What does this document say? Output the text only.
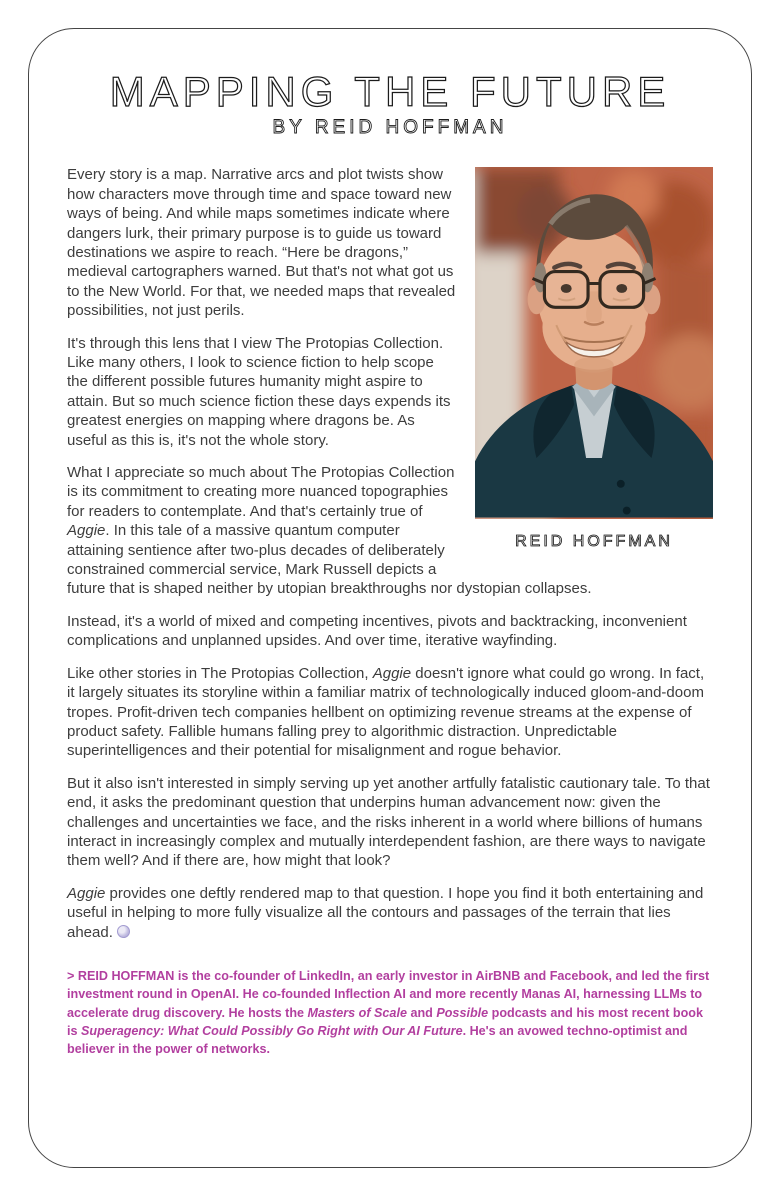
MAPPING THE FUTURE
BY REID HOFFMAN
REID HOFFMAN

Every story is a map. Narrative arcs and plot twists show how characters move through time and space toward new ways of being. And while maps sometimes indicate where dangers lurk, their primary purpose is to guide us toward destinations we aspire to reach. “Here be dragons,” medieval cartographers warned. But that's not what got us to the New World. For that, we needed maps that revealed possibilities, not just perils.

It's through this lens that I view The Protopias Collection. Like many others, I look to science fiction to help scope the different possible futures humanity might aspire to attain. But so much science fiction these days expends its greatest energies on mapping where dragons be. As useful as this is, it's not the whole story.

What I appreciate so much about The Protopias Collection is its commitment to creating more nuanced topographies for readers to contemplate. And that's certainly true of Aggie. In this tale of a massive quantum computer attaining sentience after two-plus decades of deliberately constrained commercial service, Mark Russell depicts a future that is shaped neither by utopian breakthroughs nor dystopian collapses.

Instead, it's a world of mixed and competing incentives, pivots and backtracking, inconvenient complications and unplanned upsides. And over time, iterative wayfinding.

Like other stories in The Protopias Collection, Aggie doesn't ignore what could go wrong. In fact, it largely situates its storyline within a familiar matrix of technologically induced gloom-and-doom tropes. Profit-driven tech companies hellbent on optimizing revenue streams at the expense of product safety. Fallible humans falling prey to algorithmic distraction. Unpredictable superintelligences and their potential for misalignment and rogue behavior.

But it also isn't interested in simply serving up yet another artfully fatalistic cautionary tale. To that end, it asks the predominant question that underpins human advancement now: given the challenges and uncertainties we face, and the risks inherent in a world where billions of humans interact in increasingly complex and mutually interdependent fashion, are there ways to navigate them well? And if there are, how might that look?

Aggie provides one deftly rendered map to that question. I hope you find it both entertaining and useful in helping to more fully visualize all the contours and passages of the terrain that lies ahead.

> REID HOFFMAN is the co-founder of LinkedIn, an early investor in AirBNB and Facebook, and led the first investment round in OpenAI. He co-founded Inflection AI and more recently Manas AI, harnessing LLMs to accelerate drug discovery. He hosts the Masters of Scale and Possible podcasts and his most recent book is Superagency: What Could Possibly Go Right with Our AI Future. He's an avowed techno-optimist and believer in the power of networks.
